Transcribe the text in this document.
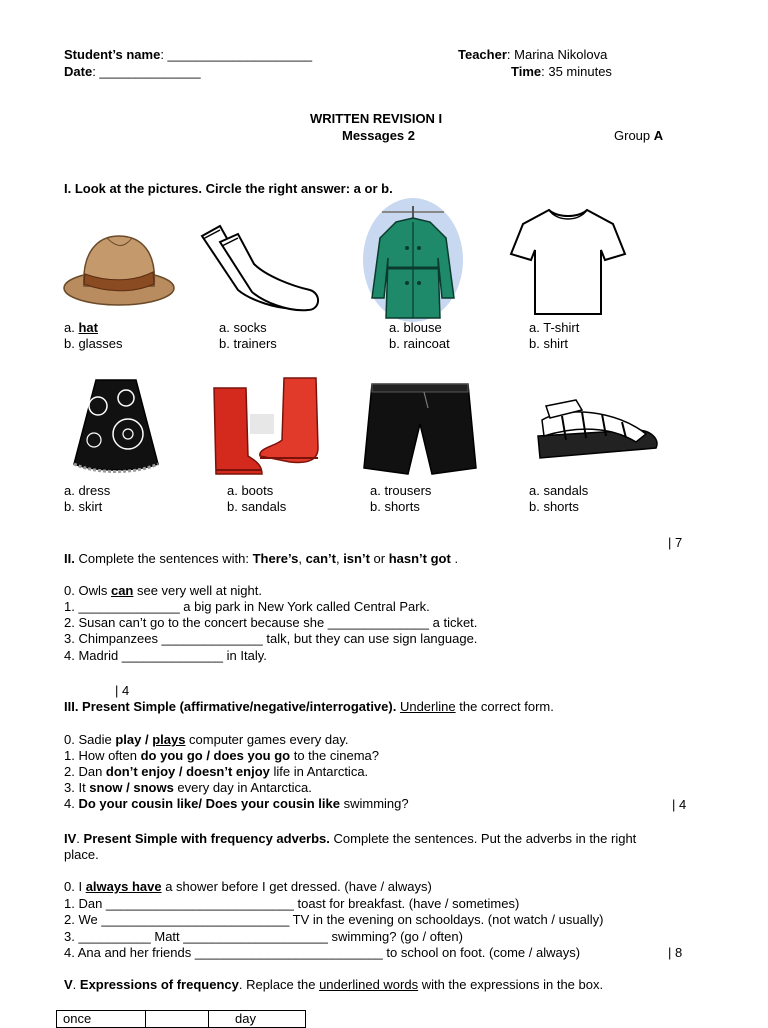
Student’s name: ____________________
Date: ______________
Teacher: Marina Nikolova
Time: 35 minutes
WRITTEN REVISION I
Messages 2	Group A
I. Look at the pictures. Circle the right answer: a or b.
a. hat
b. glasses
a. socks
b. trainers
a. blouse
b. raincoat
a. T-shirt
b. shirt
a. dress
b. skirt
a. boots
b. sandals
a. trousers
b. shorts
a. sandals
b. shorts
| 7
II. Complete the sentences with: There’s, can’t, isn’t or hasn’t got .
0. Owls can see very well at night.
1. ______________ a big park in New York called Central Park.
2. Susan can’t go to the concert because she ______________ a ticket.
3. Chimpanzees ______________ talk, but they can use sign language.
4. Madrid ______________ in Italy.
| 4
III. Present Simple (affirmative/negative/interrogative). Underline the correct form.
0. Sadie play / plays computer games every day.
1. How often do you go / does you go to the cinema?
2. Dan don’t enjoy / doesn’t enjoy life in Antarctica.
3. It snow / snows every day in Antarctica.
4. Do your cousin like/ Does your cousin like swimming?	| 4
IV. Present Simple with frequency adverbs. Complete the sentences. Put the adverbs in the right
place.
0. I always have a shower before I get dressed. (have / always)
1. Dan __________________________ toast for breakfast. (have / sometimes)
2. We __________________________ TV in the evening on schooldays. (not watch / usually)
3. __________ Matt ____________________ swimming? (go / often)
4. Ana and her friends __________________________ to school on foot. (come / always)	| 8
V. Expressions of frequency. Replace the underlined words with the expressions in the box.
once		day
